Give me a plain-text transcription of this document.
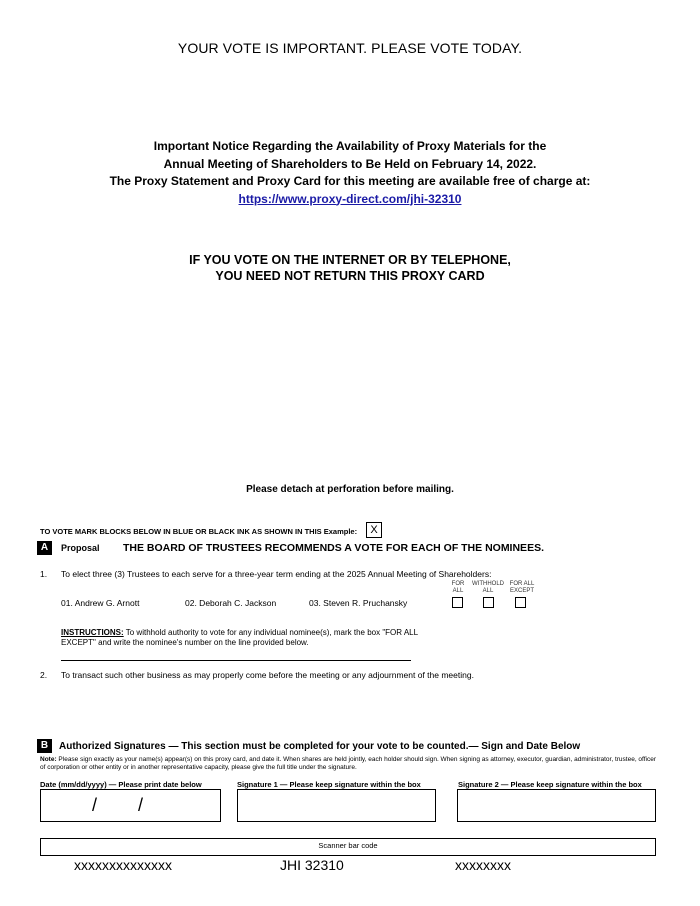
YOUR VOTE IS IMPORTANT. PLEASE VOTE TODAY.
Important Notice Regarding the Availability of Proxy Materials for the
Annual Meeting of Shareholders to Be Held on February 14, 2022.
The Proxy Statement and Proxy Card for this meeting are available free of charge at:
https://www.proxy-direct.com/jhi-32310
IF YOU VOTE ON THE INTERNET OR BY TELEPHONE,
YOU NEED NOT RETURN THIS PROXY CARD
Please detach at perforation before mailing.
TO VOTE MARK BLOCKS BELOW IN BLUE OR BLACK INK AS SHOWN IN THIS Example:	X
A	Proposal THE BOARD OF TRUSTEES RECOMMENDS A VOTE FOR EACH OF THE NOMINEES.
1. To elect three (3) Trustees to each serve for a three-year term ending at the 2025 Annual Meeting of Shareholders:
FOR
ALL
WITHHOLD
ALL
FOR ALL
EXCEPT
01. Andrew G. Arnott	02. Deborah C. Jackson	03. Steven R. Pruchansky
INSTRUCTIONS: To withhold authority to vote for any individual nominee(s), mark the box "FOR ALL EXCEPT" and write the nominee's number on the line provided below.
2. To transact such other business as may properly come before the meeting or any adjournment of the meeting.
B	Authorized Signatures — This section must be completed for your vote to be counted.— Sign and Date Below
Note: Please sign exactly as your name(s) appear(s) on this proxy card, and date it. When shares are held jointly, each holder should sign. When signing as attorney, executor, guardian, administrator, trustee, officer of corporation or other entity or in another representative capacity, please give the full title under the signature.
Date (mm/dd/yyyy) — Please print date below	Signature 1 — Please keep signature within the box	Signature 2 — Please keep signature within the box
/ /
Scanner bar code
xxxxxxxxxxxxxx	JHI 32310	xxxxxxxx
